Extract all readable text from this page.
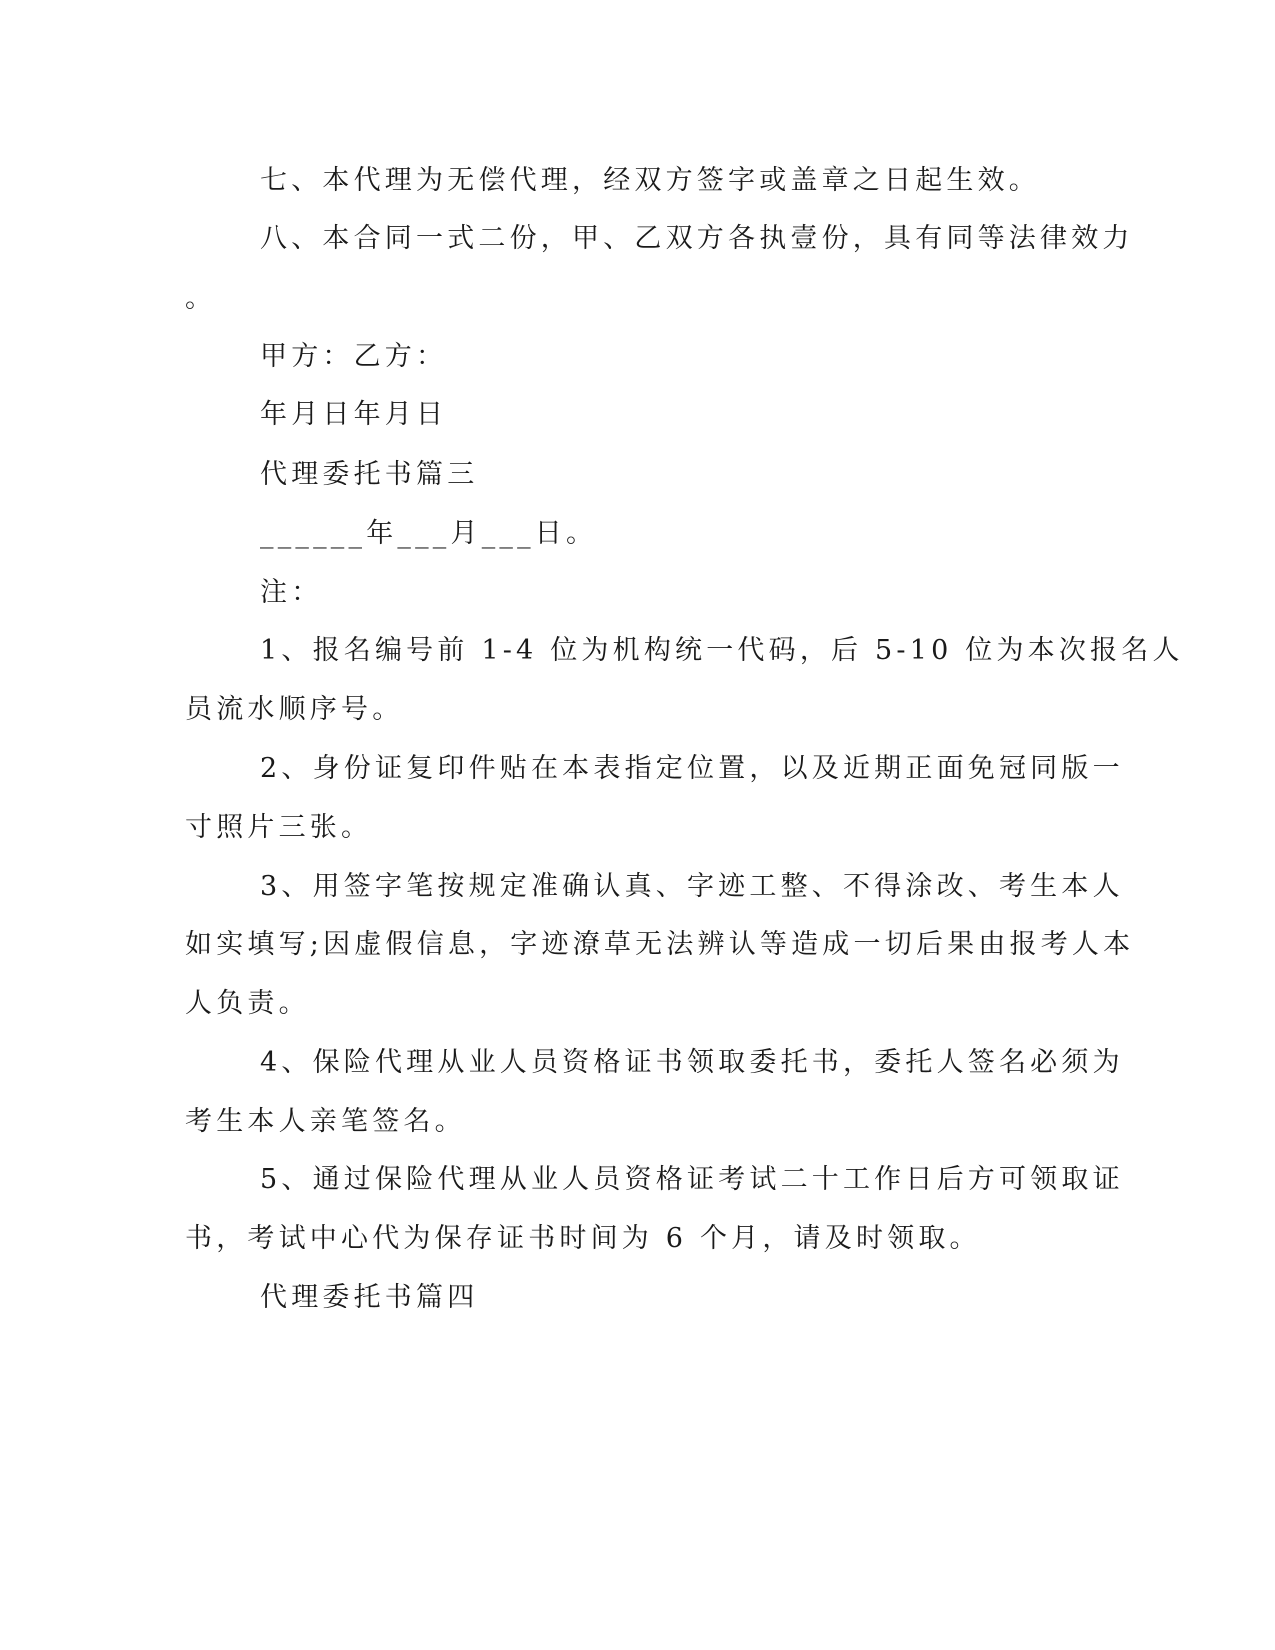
七、本代理为无偿代理，经双方签字或盖章之日起生效。
八、本合同一式二份，甲、乙双方各执壹份，具有同等法律效力
。
甲方：乙方：
年月日年月日
代理委托书篇三
______年___月___日。
注：
1、报名编号前 1-4 位为机构统一代码，后 5-10 位为本次报名人
员流水顺序号。
2、身份证复印件贴在本表指定位置，以及近期正面免冠同版一
寸照片三张。
3、用签字笔按规定准确认真、字迹工整、不得涂改、考生本人
如实填写;因虚假信息，字迹潦草无法辨认等造成一切后果由报考人本
人负责。
4、保险代理从业人员资格证书领取委托书，委托人签名必须为
考生本人亲笔签名。
5、通过保险代理从业人员资格证考试二十工作日后方可领取证
书，考试中心代为保存证书时间为 6 个月，请及时领取。
代理委托书篇四
